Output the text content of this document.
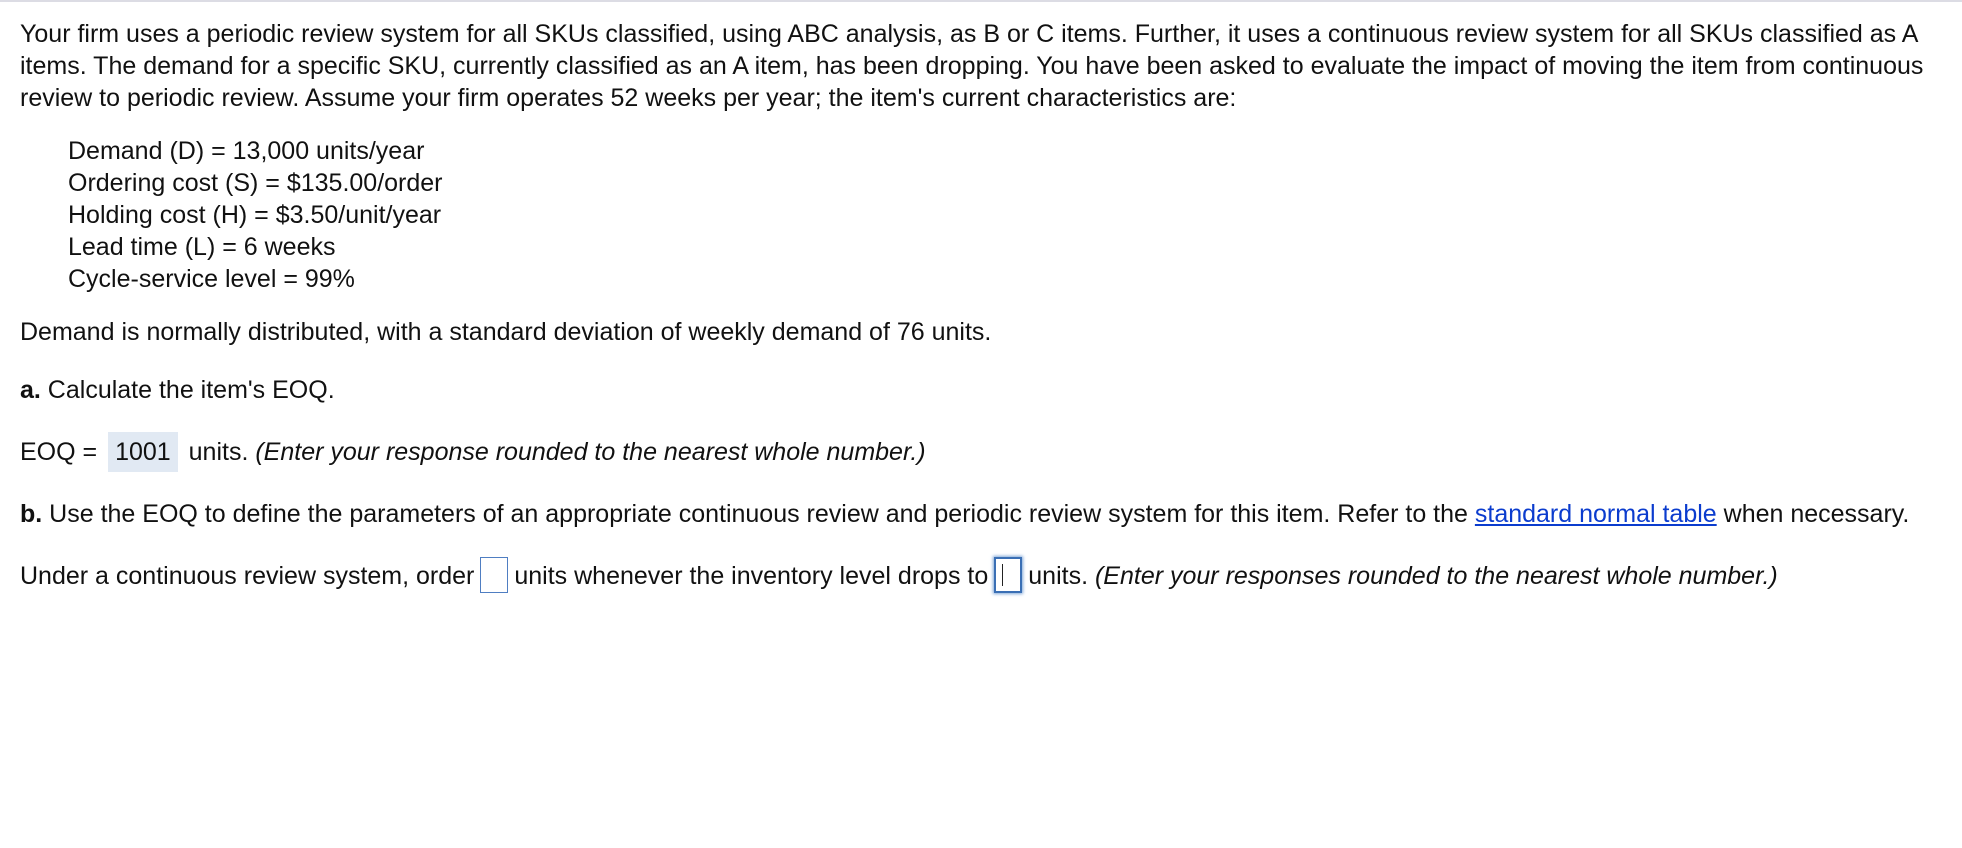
Your firm uses a periodic review system for all SKUs classified, using ABC analysis, as B or C items. Further, it uses a continuous review system for all SKUs classified as A items. The demand for a specific SKU, currently classified as an A item, has been dropping. You have been asked to evaluate the impact of moving the item from continuous review to periodic review. Assume your firm operates 52 weeks per year; the item's current characteristics are:

Demand (D) = 13,000 units/year
Ordering cost (S) = $135.00/order
Holding cost (H) = $3.50/unit/year
Lead time (L) = 6 weeks
Cycle-service level = 99%

Demand is normally distributed, with a standard deviation of weekly demand of 76 units.

a. Calculate the item's EOQ.

EOQ = 1001 units. (Enter your response rounded to the nearest whole number.)

b. Use the EOQ to define the parameters of an appropriate continuous review and periodic review system for this item. Refer to the standard normal table when necessary.

Under a continuous review system, order units whenever the inventory level drops to units. (Enter your responses rounded to the nearest whole number.)
